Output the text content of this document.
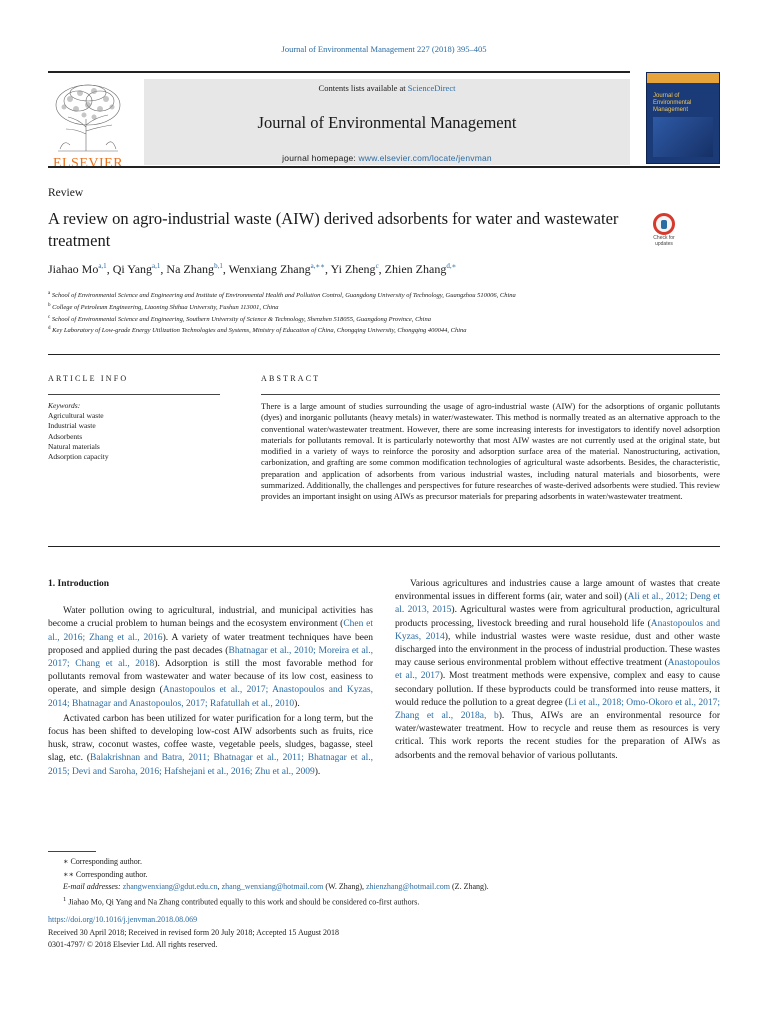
Journal of Environmental Management 227 (2018) 395–405
ELSEVIER
Contents lists available at ScienceDirect
Journal of Environmental Management
journal homepage: www.elsevier.com/locate/jenvman
Journal of Environmental Management
Review
A review on agro-industrial waste (AIW) derived adsorbents for water and wastewater treatment	Check for updates
Jiahao Mo$^{a,1}$, Qi Yang$^{a,1}$, Na Zhang$^{b,1}$, Wenxiang Zhang$^{a,∗∗}$, Yi Zheng$^c$, Zhien Zhang$^{d,∗}$
$^a$ School of Environmental Science and Engineering and Institute of Environmental Health and Pollution Control, Guangdong University of Technology, Guangzhou 510006, China
$^b$ College of Petroleum Engineering, Liaoning Shihua University, Fushun 113001, China
$^c$ School of Environmental Science and Engineering, Southern University of Science & Technology, Shenzhen 518055, Guangdong Province, China
$^d$ Key Laboratory of Low-grade Energy Utilization Technologies and Systems, Ministry of Education of China, Chongqing University, Chongqing 400044, China
ARTICLE INFO
Keywords:
Agricultural waste
Industrial waste
Adsorbents
Natural materials
Adsorption capacity
ABSTRACT
There is a large amount of studies surrounding the usage of agro-industrial waste (AIW) for the adsorptions of organic pollutants (dyes) and inorganic pollutants (heavy metals) in water/wastewater. This method is normally treated as an alternative approach to the conventional water/wastewater treatment. However, there are some increasing interests for investigators to identify novel adsorption materials for pollutants removal. It is particularly noteworthy that most AIW wastes are not currently used at the original state, but modified in a variety of ways to reinforce the porosity and adsorption surface area of the material. Nanostructuring, activation, carbonization, and grafting are some common modification technologies of agricultural waste adsorbents. Besides, the characteristic, preparation and application of adsorbents from various industrial wastes, including natural materials and biosorbents, were summarized. Additionally, the challenges and perspectives for future researches of waste-derived adsorbents were studied. This review provides an important insight on using AIWs as precursor materials for preparing adsorbents in water/wastewater treatment.
1. Introduction

Water pollution owing to agricultural, industrial, and municipal activities has become a crucial problem to human beings and the ecosystem environment (Chen et al., 2016; Zhang et al., 2016). A variety of water treatment techniques have been proposed and applied during the past decades (Bhatnagar et al., 2010; Moreira et al., 2017; Chang et al., 2018). Adsorption is still the most favorable method for pollutants removal from wastewater and water because of its low cost, easiness to operate, and simple design (Anastopoulos et al., 2017; Anastopoulos and Kyzas, 2014; Bhatnagar and Anastopoulos, 2017; Rafatullah et al., 2010).

Activated carbon has been utilized for water purification for a long term, but the focus has been shifted to developing low-cost AIW adsorbents such as fruits, rice husk, straw, coconut wastes, coffee waste, vegetable peels, sludges, bagasse, steel slag, etc. (Balakrishnan and Batra, 2011; Bhatnagar et al., 2011; Bhatnagar et al., 2015; Devi and Saroha, 2016; Hafshejani et al., 2016; Zhu et al., 2009).

Various agricultures and industries cause a large amount of wastes that create environmental issues in different forms (air, water and soil) (Ali et al., 2012; Deng et al. 2013, 2015). Agricultural wastes were from agricultural production, agricultural products processing, livestock breeding and rural household life (Anastopoulos and Kyzas, 2014), while industrial wastes were waste residue, dust and other waste discharged into the environment in the process of industrial production. These wastes may cause serious environmental problem without effective treatment (Anastopoulos et al., 2017). Most treatment methods were expensive, complex and easy to cause secondary pollution. If these byproducts could be transformed into reuse matters, it would reduce the pollution to a great degree (Li et al., 2018; Omo-Okoro et al., 2017; Zhang et al., 2018a, b). Thus, AIWs are an environmental resource for water/wastewater treatment. How to recycle and reuse them as resources is very critical. This work reports the recent studies for the preparation of AIWs as adsorbents and the removal behavior of various pollutants.

∗ Corresponding author.
∗∗ Corresponding author.
E-mail addresses: zhangwenxiang@gdut.edu.cn, zhang_wenxiang@hotmail.com (W. Zhang), zhienzhang@hotmail.com (Z. Zhang).
$^1$ Jiahao Mo, Qi Yang and Na Zhang contributed equally to this work and should be considered co-first authors.
https://doi.org/10.1016/j.jenvman.2018.08.069
Received 30 April 2018; Received in revised form 20 July 2018; Accepted 15 August 2018
0301-4797/ © 2018 Elsevier Ltd. All rights reserved.
